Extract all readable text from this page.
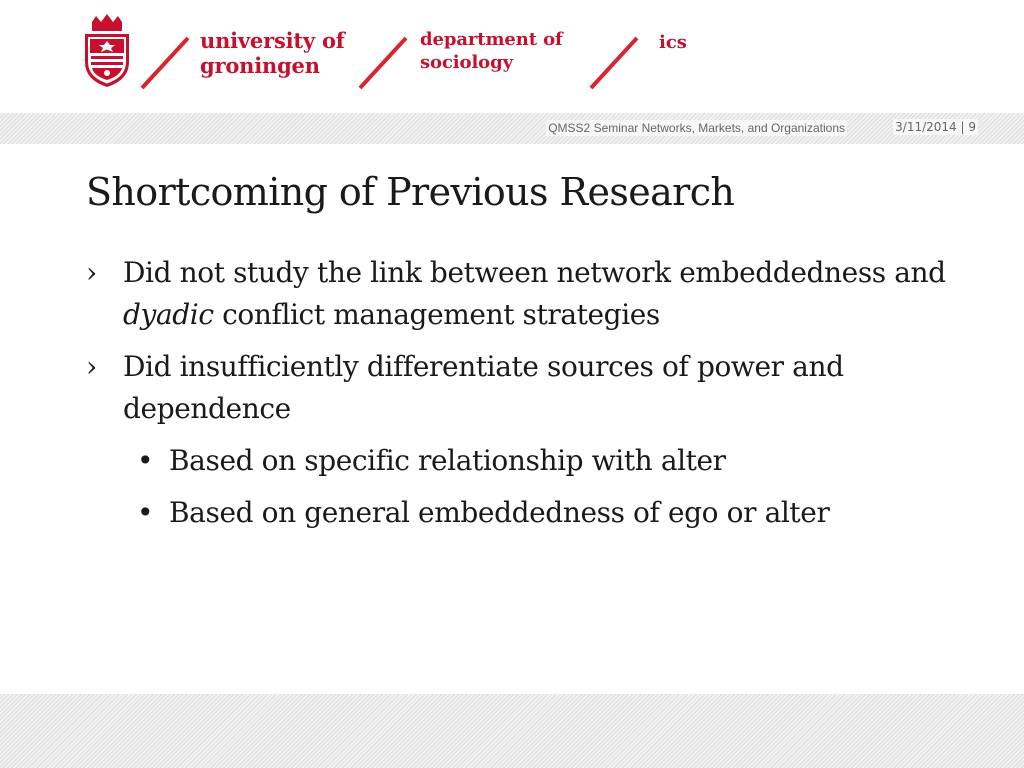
university of
groningen
department of
sociology
ics
QMSS2 Seminar Networks, Markets, and Organizations	3/11/2014 | 9
Shortcoming of Previous Research
› Did not study the link between network embeddedness and dyadic conflict management strategies
› Did insufficiently differentiate sources of power and dependence
• Based on specific relationship with alter
• Based on general embeddedness of ego or alter
